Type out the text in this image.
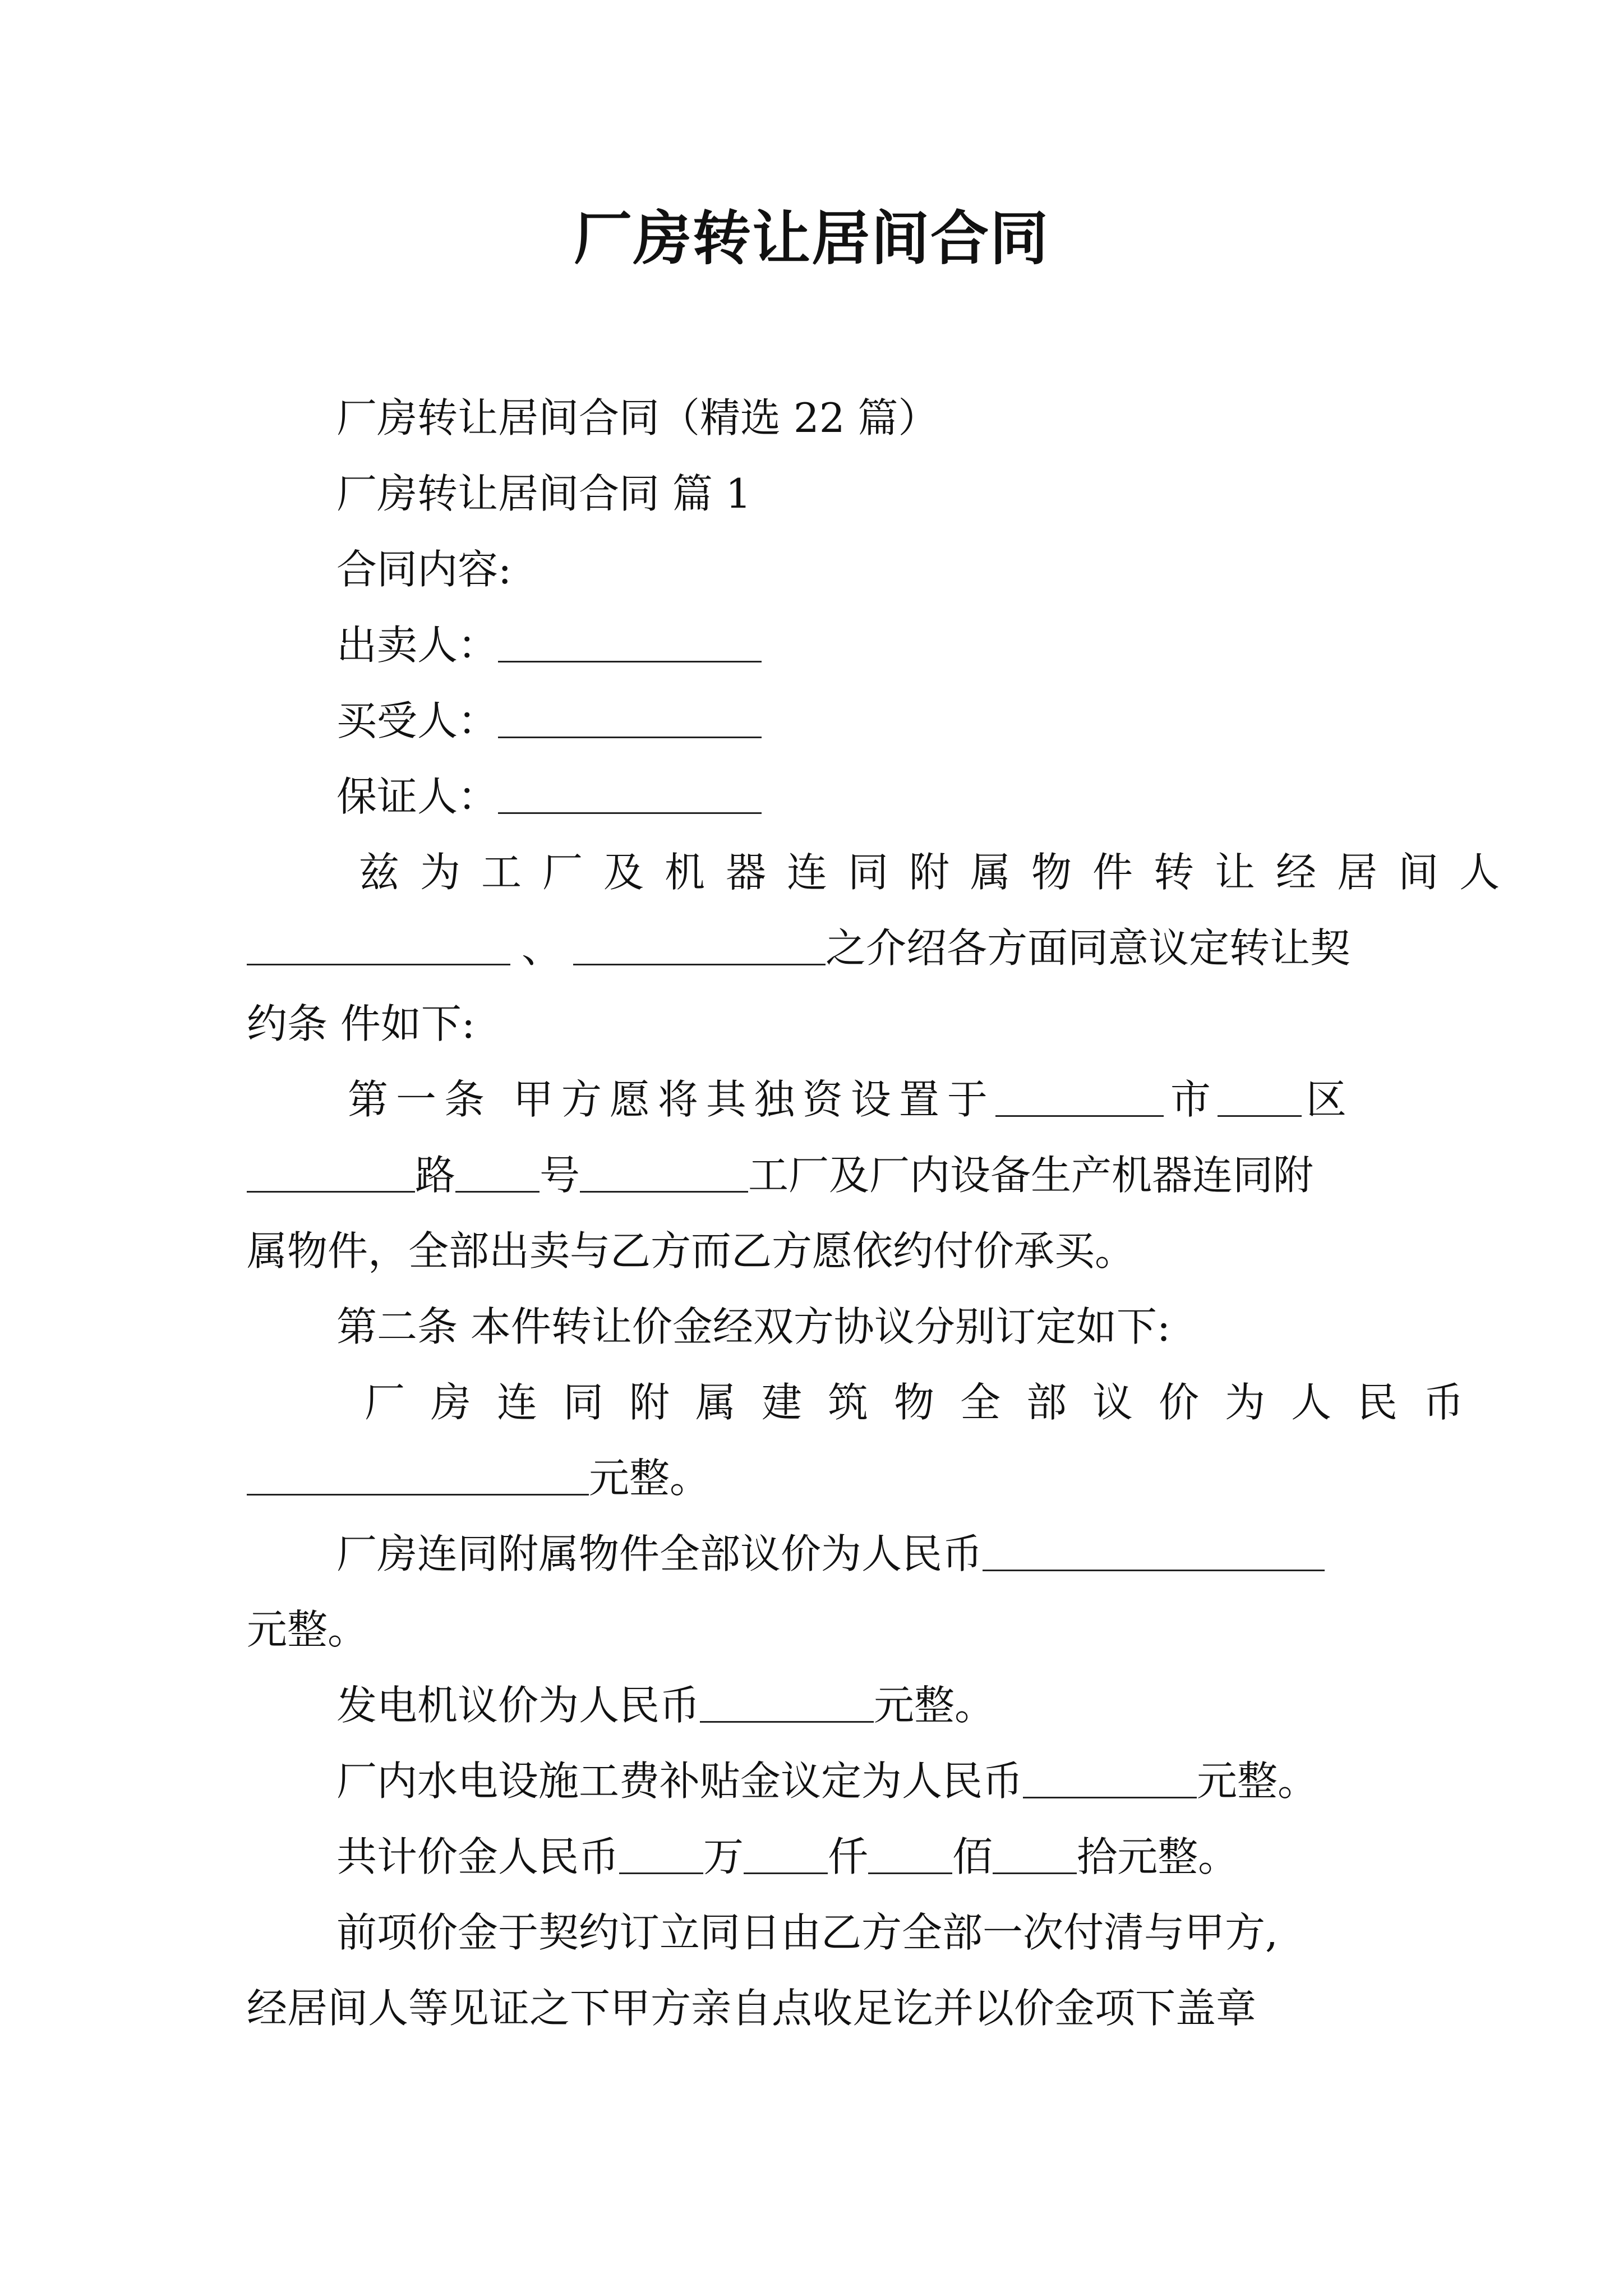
厂房转让居间合同
厂房转让居间合同（精选 22 篇）
厂房转让居间合同 篇 1
合同内容:
出卖人：
买受人：
保证人：
兹为工厂及机器连同附属物件转让经居间人
、	之介绍各方面同意议定转让契
约条 件如下:
第一条 甲方愿将其独资设置于	市 区
路 号	工厂及厂内设备生产机器连同附
属物件，全部出卖与乙方而乙方愿依约付价承买。
第二条 本件转让价金经双方协议分别订定如下:
厂房连同附属建筑物全部议价为人民币
元整。
厂房连同附属物件全部议价为人民币
元整。
发电机议价为人民币	元整。
厂内水电设施工费补贴金议定为人民币	元整。
共计价金人民币 万 仟 佰 拾元整。
前项价金于契约订立同日由乙方全部一次付清与甲方,
经居间人等见证之下甲方亲自点收足讫并以价金项下盖章
